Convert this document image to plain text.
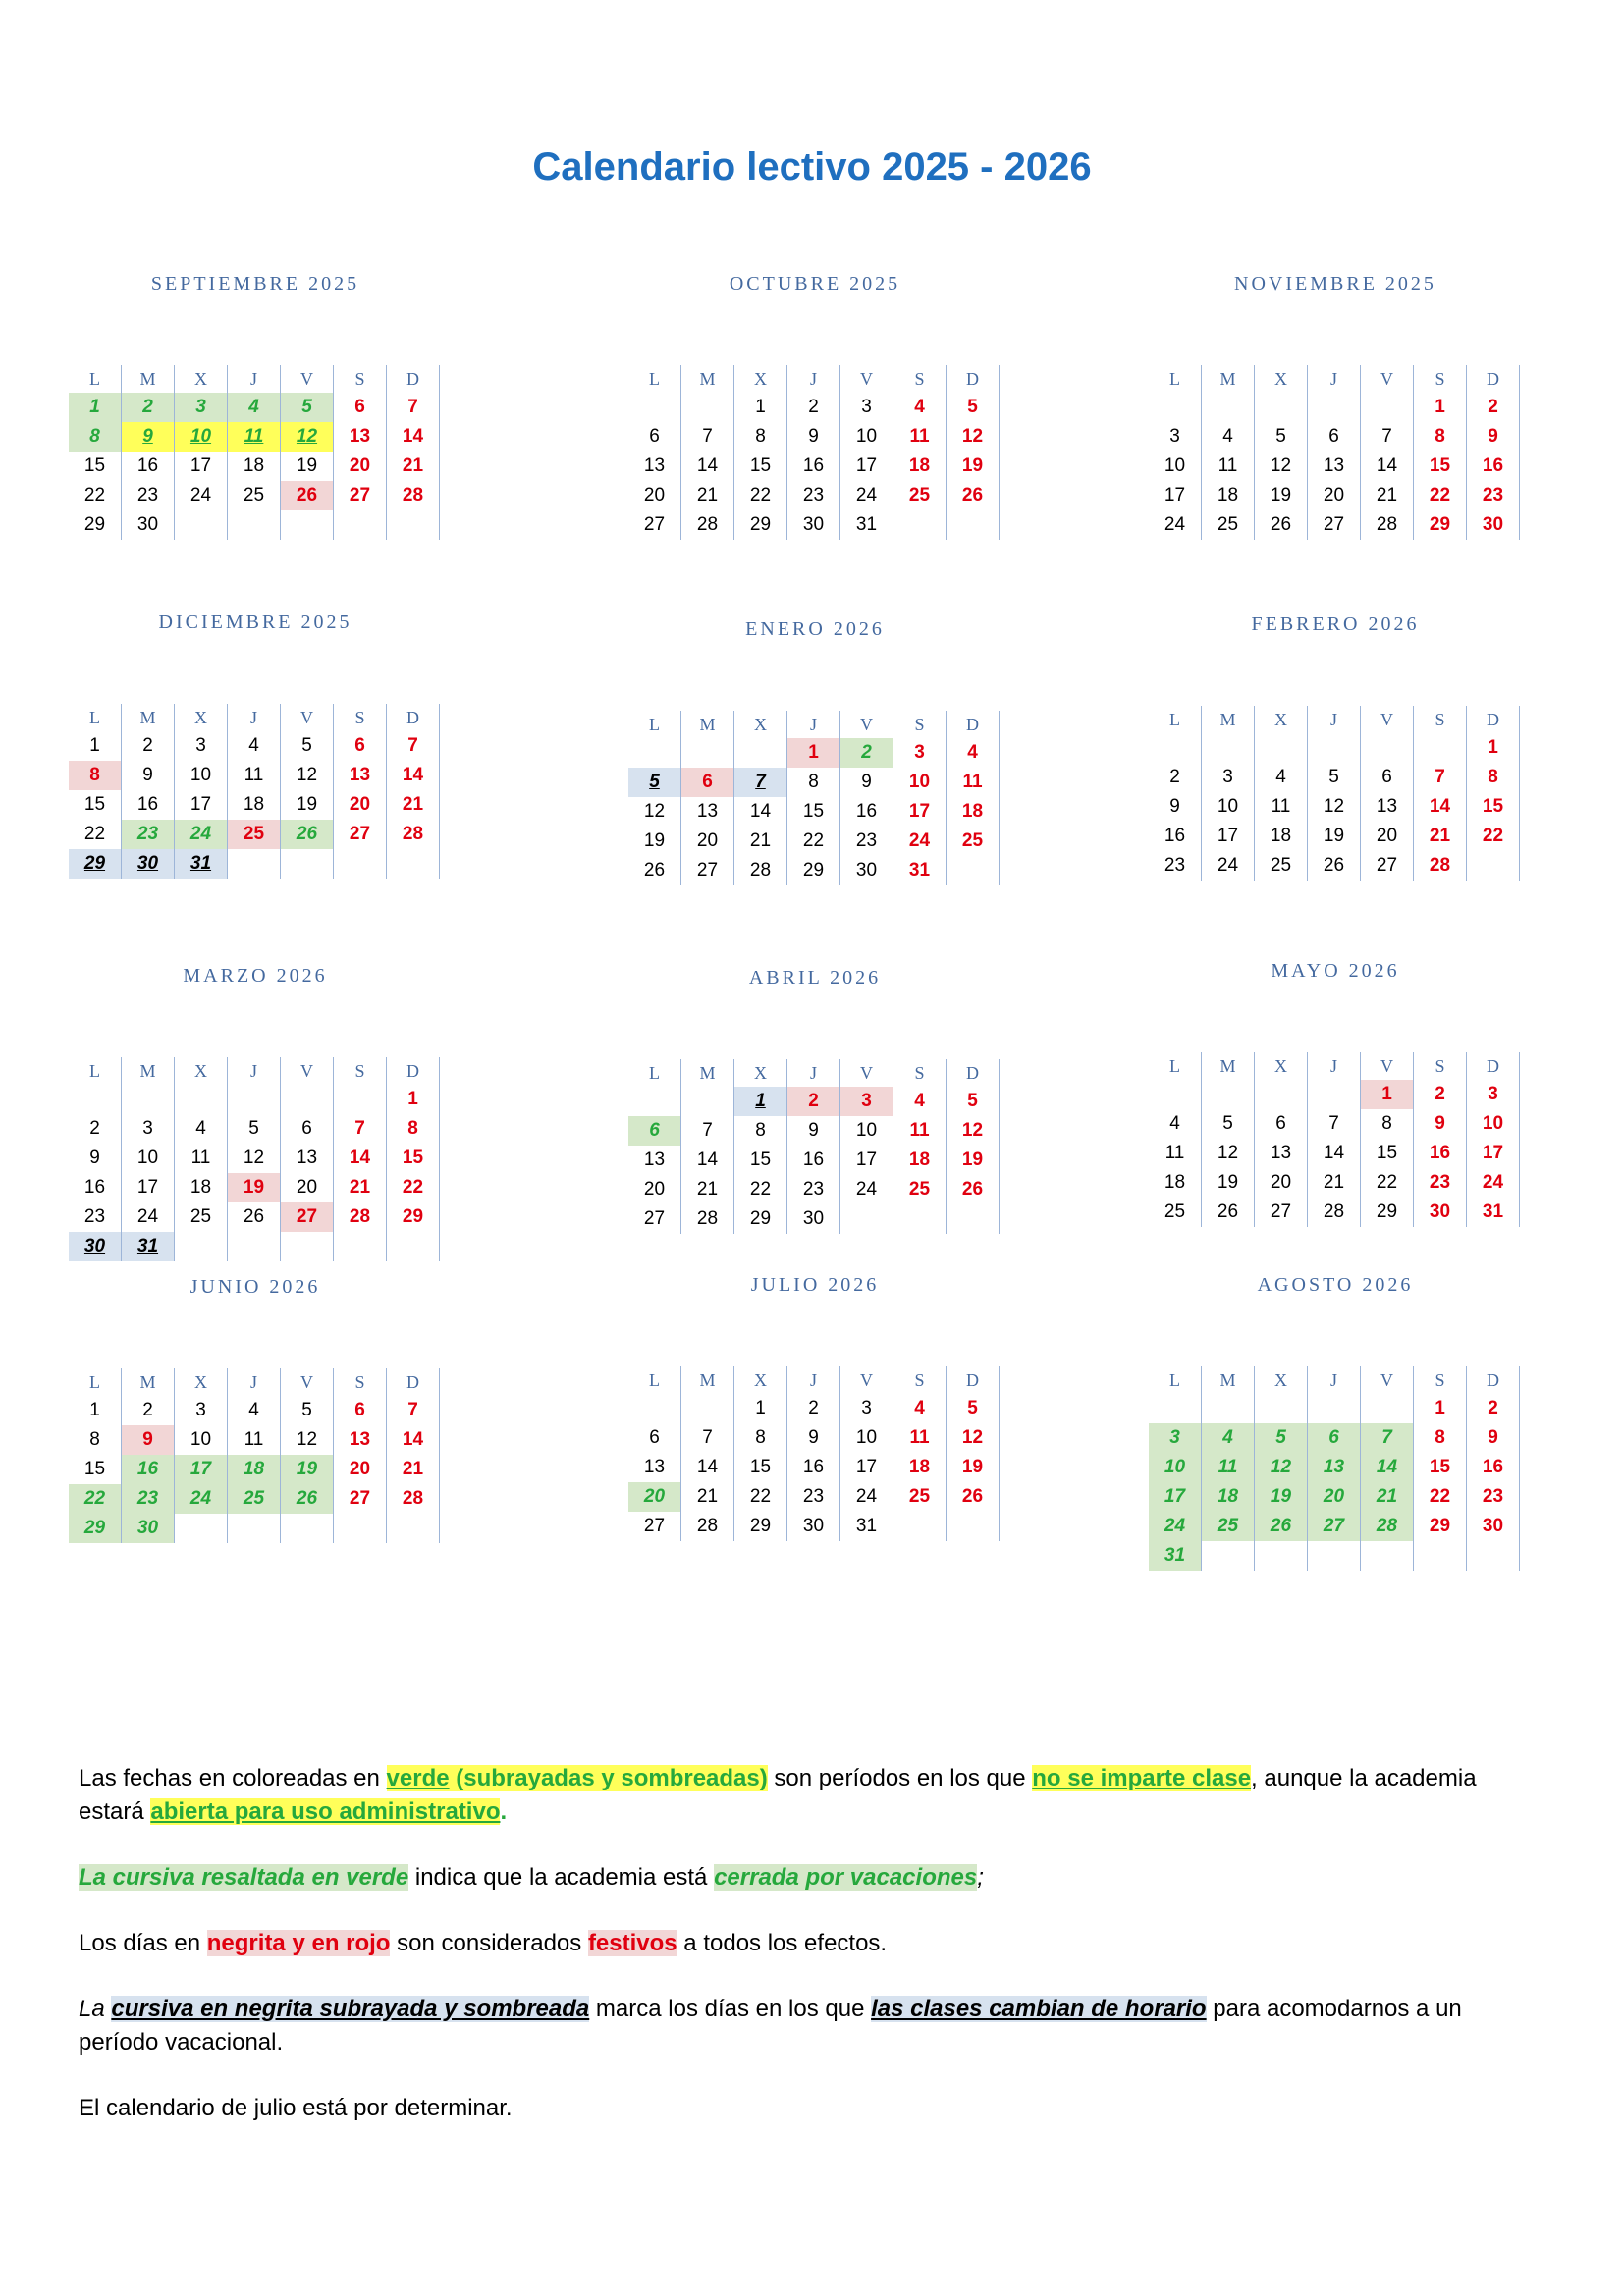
Calendario lectivo 2025 - 2026
SEPTIEMBRE 2025
L	M	X	J	V	S	D
1	2	3	4	5	6	7
8	9	10	11	12	13	14
15	16	17	18	19	20	21
22	23	24	25	26	27	28
29	30					
OCTUBRE 2025
L	M	X	J	V	S	D
		1	2	3	4	5
6	7	8	9	10	11	12
13	14	15	16	17	18	19
20	21	22	23	24	25	26
27	28	29	30	31		
NOVIEMBRE 2025
L	M	X	J	V	S	D
					1	2
3	4	5	6	7	8	9
10	11	12	13	14	15	16
17	18	19	20	21	22	23
24	25	26	27	28	29	30
DICIEMBRE 2025
L	M	X	J	V	S	D
1	2	3	4	5	6	7
8	9	10	11	12	13	14
15	16	17	18	19	20	21
22	23	24	25	26	27	28
29	30	31				
ENERO 2026
L	M	X	J	V	S	D
			1	2	3	4
5	6	7	8	9	10	11
12	13	14	15	16	17	18
19	20	21	22	23	24	25
26	27	28	29	30	31	
FEBRERO 2026
L	M	X	J	V	S	D
						1
2	3	4	5	6	7	8
9	10	11	12	13	14	15
16	17	18	19	20	21	22
23	24	25	26	27	28	
MARZO 2026
L	M	X	J	V	S	D
						1
2	3	4	5	6	7	8
9	10	11	12	13	14	15
16	17	18	19	20	21	22
23	24	25	26	27	28	29
30	31					
ABRIL 2026
L	M	X	J	V	S	D
		1	2	3	4	5
6	7	8	9	10	11	12
13	14	15	16	17	18	19
20	21	22	23	24	25	26
27	28	29	30			
MAYO 2026
L	M	X	J	V	S	D
				1	2	3
4	5	6	7	8	9	10
11	12	13	14	15	16	17
18	19	20	21	22	23	24
25	26	27	28	29	30	31
JUNIO 2026
L	M	X	J	V	S	D
1	2	3	4	5	6	7
8	9	10	11	12	13	14
15	16	17	18	19	20	21
22	23	24	25	26	27	28
29	30					
JULIO 2026
L	M	X	J	V	S	D
		1	2	3	4	5
6	7	8	9	10	11	12
13	14	15	16	17	18	19
20	21	22	23	24	25	26
27	28	29	30	31		
AGOSTO 2026
L	M	X	J	V	S	D
					1	2
3	4	5	6	7	8	9
10	11	12	13	14	15	16
17	18	19	20	21	22	23
24	25	26	27	28	29	30
31						

Las fechas en coloreadas en verde (subrayadas y sombreadas) son períodos en los que no se imparte clase, aunque la academia estará abierta para uso administrativo.

La cursiva resaltada en verde indica que la academia está cerrada por vacaciones;

Los días en negrita y en rojo son considerados festivos a todos los efectos.

La cursiva en negrita subrayada y sombreada marca los días en los que las clases cambian de horario para acomodarnos a un período vacacional.

El calendario de julio está por determinar.
